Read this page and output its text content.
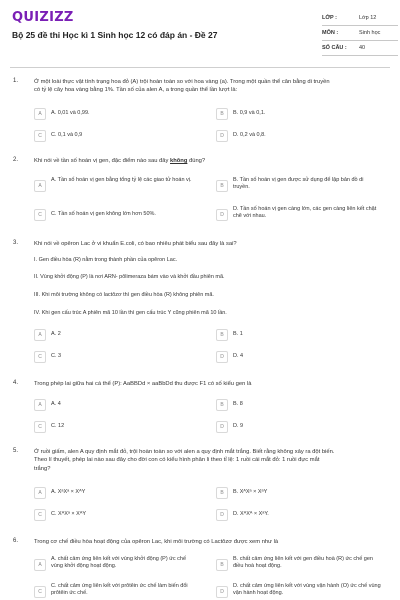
QUIZIZZ
Bộ 25 đề thi Học kì 1 Sinh học 12 có đáp án - Đề 27
LỚP :	Lớp 12
MÔN :	Sinh học
SỐ CÂU : 40
1.	Ở một loài thực vật tính trạng hoa đỏ (A) trội hoàn toàn so với hoa vàng (a). Trong một quần thể cân bằng di truyền
có tỷ lệ cây hoa vàng bằng 1%. Tần số của alen A, a trong quần thể lần lượt là:
A	A. 0,01 và 0,99.	B	B. 0,9 và 0,1.
C	C. 0,1 và 0,9	D	D. 0,2 và 0,8.
2.	Khi nói về tần số hoán vị gen, đặc điểm nào sau đây không đúng?
A
A. Tần số hoán vị gen bằng tổng tỷ lệ các giao tử hoán vị.
B
B. Tần số hoán vị gen được sử dụng để lập bản đồ di truyền.
C	C. Tần số hoán vị gen không lớn hơn 50%.	D
D. Tần số hoán vị gen càng lớn, các gen càng liên kết chặt chẽ với nhau.
3.	Khi nói về opêron Lac ở vi khuẩn E.coli, có bao nhiêu phát biểu sau đây là sai?
I. Gen điều hòa (R) nằm trong thành phần của opêron Lac.
II. Vùng khởi động (P) là nơi ARN- pôlimeraza bám vào và khởi đầu phiên mã.
III. Khi môi trường không có lactôzơ thì gen điều hòa (R) không phiên mã.
IV. Khi gen cấu trúc A phiên mã 10 lần thì gen cấu trúc Y cũng phiên mã 10 lần.
A	A. 2	B	B. 1
C	C. 3	D	D. 4
4.	Trong phép lai giữa hai cá thể (P): AaBBDd × aaBbDd thu được F1 có số kiểu gen là
A	A. 4	B	B. 8
C	C. 12	D	D. 9
5.	Ở ruồi giấm, alen A quy định mắt đỏ, trội hoàn toàn so với alen a quy định mắt trắng. Biết rằng không xảy ra đột biến.
Theo lí thuyết, phép lai nào sau đây cho đời con có kiểu hình phân li theo tỉ lệ: 1 ruồi cái mắt đỏ: 1 ruồi đực mắt
trắng?
A	A. XᵃXᵃ × XᴬY	B	B. XᴬXᵃ × XᵃY
C	C. XᴬXᵃ × XᴬY	D	D. XᴬXᴬ × XᵃY.
6.	Trong cơ chế điều hòa hoạt động của opêron Lac, khi môi trường có Lactôzơ được xem như là
A
A. chất cảm ứng liên kết với vùng khởi động (P) ức chế vùng khởi động hoạt động.	B
B. chất cảm ứng liên kết với gen điều hoà (R) ức chế gen điều hoà hoạt động.
C
C. chất cảm ứng liên kết với prôtêin ức chế làm biến đổi prôtêin ức chế.	D
D. chất cảm ứng liên kết với vùng vận hành (O) ức chế vùng vận hành hoạt động.
